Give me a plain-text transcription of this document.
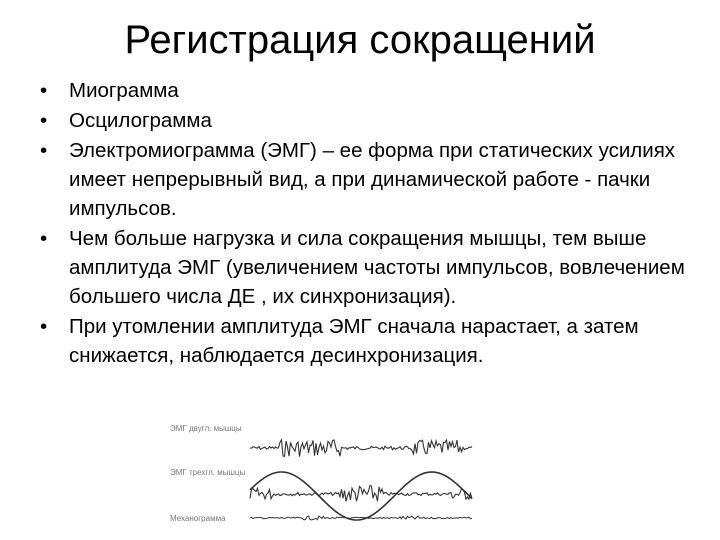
Регистрация сокращений
• Миограмма
• Осцилограмма
• Электромиограмма (ЭМГ) – ее форма при статических усилиях имеет непрерывный вид, а при динамической работе - пачки импульсов.
• Чем больше нагрузка и сила сокращения мышцы, тем выше амплитуда ЭМГ (увеличением частоты импульсов, вовлечением большего числа ДЕ , их синхронизация).
• При утомлении амплитуда ЭМГ сначала нарастает, а затем снижается, наблюдается десинхронизация.
ЭМГ двугл. мышцы
ЭМГ трехгл. мышцы
Механограмма
